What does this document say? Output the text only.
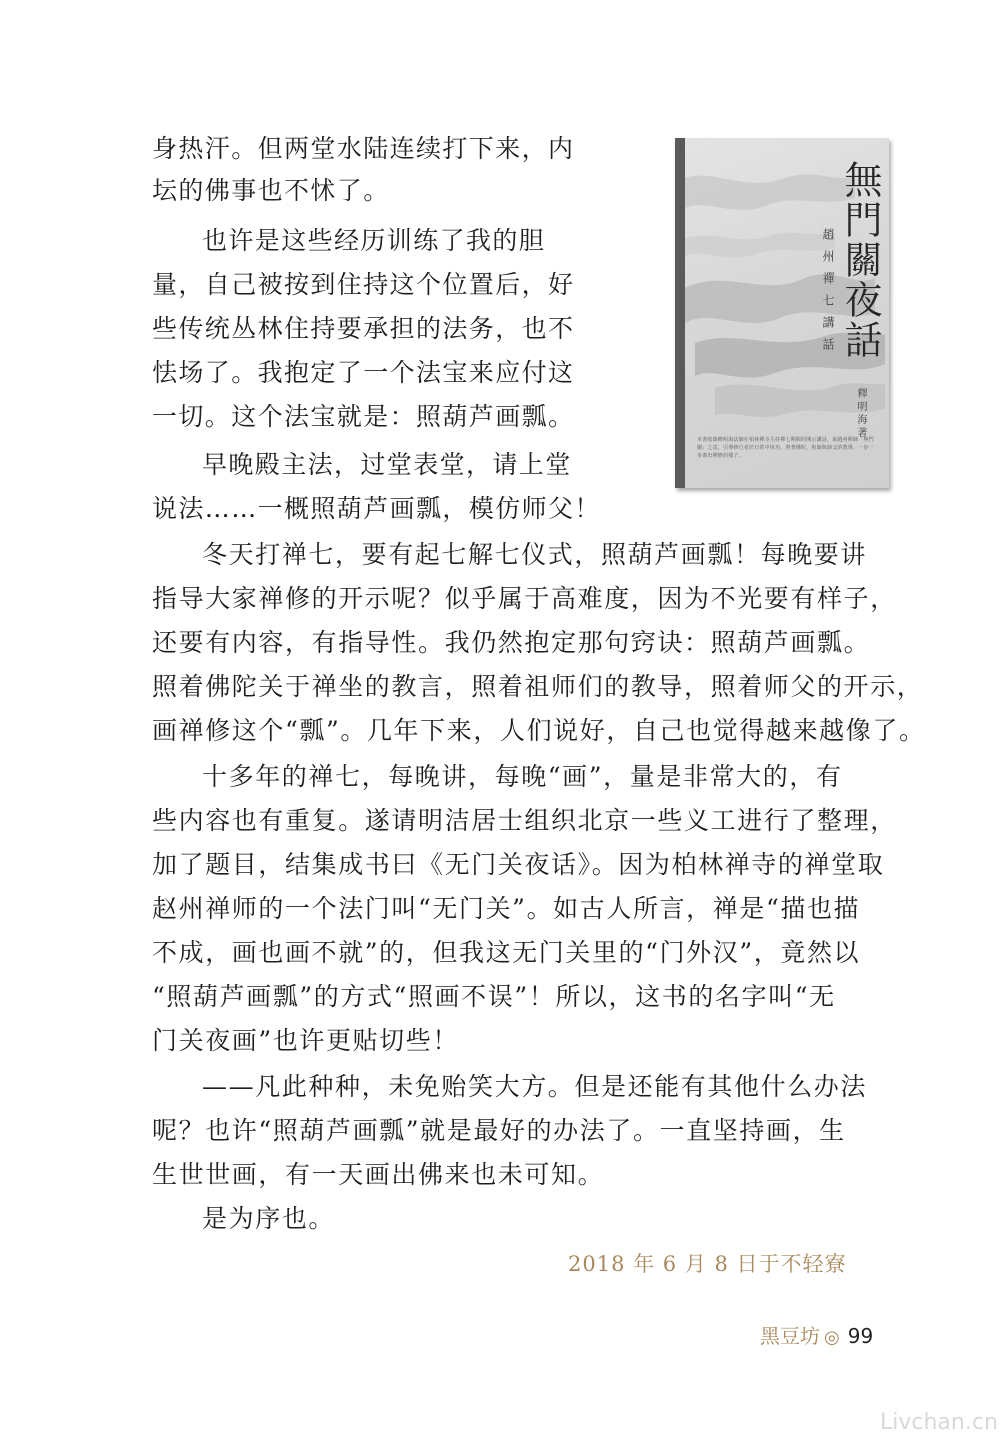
無門關夜話
趙州禪七講話
釋明海著
本書收錄釋明海法師在柏林禪寺主持禪七期間的開示講話，取趙州禪師「無門關」之意，引導修行者於日常中用功，照著佛陀、祖師與師父的教導，一步一步畫出禪修的樣子。
身热汗。但两堂水陆连续打下来，内
坛的佛事也不怵了。
也许是这些经历训练了我的胆
量，自己被按到住持这个位置后，好
些传统丛林住持要承担的法务，也不
怯场了。我抱定了一个法宝来应付这
一切。这个法宝就是：照葫芦画瓢。
早晚殿主法，过堂表堂，请上堂
说法……一概照葫芦画瓢，模仿师父！
冬天打禅七，要有起七解七仪式，照葫芦画瓢！每晚要讲
指导大家禅修的开示呢？似乎属于高难度，因为不光要有样子，
还要有内容，有指导性。我仍然抱定那句窍诀：照葫芦画瓢。
照着佛陀关于禅坐的教言，照着祖师们的教导，照着师父的开示，
画禅修这个“瓢”。几年下来，人们说好，自己也觉得越来越像了。
十多年的禅七，每晚讲，每晚“画”，量是非常大的，有
些内容也有重复。遂请明洁居士组织北京一些义工进行了整理，
加了题目，结集成书曰《无门关夜话》。因为柏林禅寺的禅堂取
赵州禅师的一个法门叫“无门关”。如古人所言，禅是“描也描
不成，画也画不就”的，但我这无门关里的“门外汉”，竟然以
“照葫芦画瓢”的方式“照画不误”！所以，这书的名字叫“无
门关夜画”也许更贴切些！
——凡此种种，未免贻笑大方。但是还能有其他什么办法
呢？也许“照葫芦画瓢”就是最好的办法了。一直坚持画，生
生世世画，有一天画出佛来也未可知。
是为序也。
2018 年 6 月 8 日于不轻寮
黑豆坊 ◎ 99
Livchan.cn
